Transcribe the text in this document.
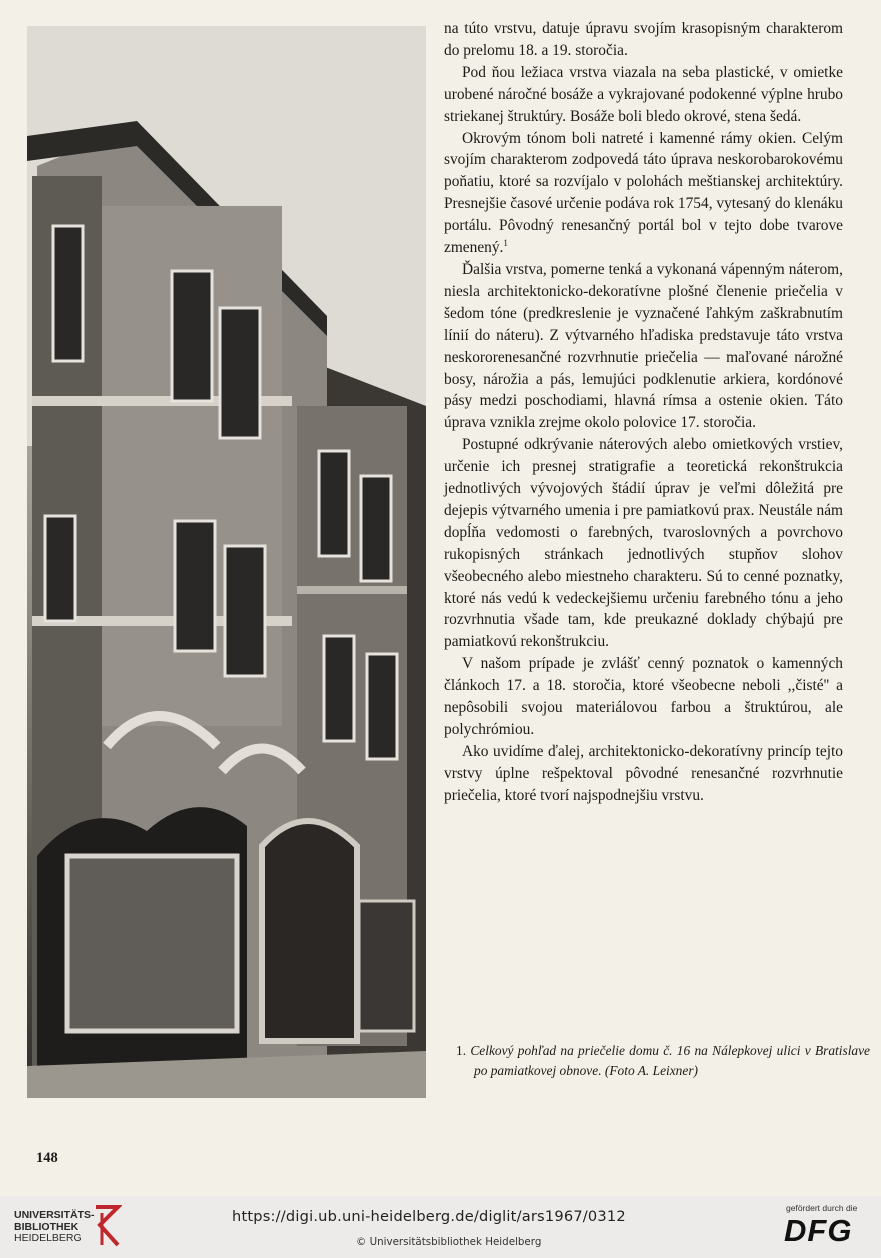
na túto vrstvu, datuje úpravu svojím krasopisným charakterom do prelomu 18. a 19. storočia.

Pod ňou ležiaca vrstva viazala na seba plastické, v omietke urobené náročné bosáže a vykrajované podokenné výplne hrubo striekanej štruktúry. Bosáže boli bledo okrové, stena šedá.

Okrovým tónom boli natreté i kamenné rámy okien. Celým svojím charakterom zodpovedá táto úprava neskorobarokovému poňatiu, ktoré sa rozvíjalo v polohách meštianskej architektúry. Presnejšie časové určenie podáva rok 1754, vytesaný do klenáku portálu. Pôvodný renesančný portál bol v tejto dobe tvarove zmenený.$^1$

Ďalšia vrstva, pomerne tenká a vykonaná vápenným náterom, niesla architektonicko-dekoratívne plošné členenie priečelia v šedom tóne (predkreslenie je vyznačené ľahkým zaškrabnutím línií do náteru). Z výtvarného hľadiska predstavuje táto vrstva neskororenesančné rozvrhnutie priečelia — maľované nárožné bosy, nárožia a pás, lemujúci podklenutie arkiera, kordónové pásy medzi poschodiami, hlavná rímsa a ostenie okien. Táto úprava vznikla zrejme okolo polovice 17. storočia.

Postupné odkrývanie náterových alebo omietkových vrstiev, určenie ich presnej stratigrafie a teoretická rekonštrukcia jednotlivých vývojových štádií úprav je veľmi dôležitá pre dejepis výtvarného umenia i pre pamiatkovú prax. Neustále nám dopĺňa vedomosti o farebných, tvaroslovných a povrchovo rukopisných stránkach jednotlivých stupňov slohov všeobecného alebo miestneho charakteru. Sú to cenné poznatky, ktoré nás vedú k vedeckejšiemu určeniu farebného tónu a jeho rozvrhnutia všade tam, kde preukazné doklady chýbajú pre pamiatkovú rekonštrukciu.

V našom prípade je zvlášť cenný poznatok o kamenných článkoch 17. a 18. storočia, ktoré všeobecne neboli ,,čisté'' a nepôsobili svojou materiálovou farbou a štruktúrou, ale polychrómiou.

Ako uvidíme ďalej, architektonicko-dekoratívny princíp tejto vrstvy úplne rešpektoval pôvodné renesančné rozvrhnutie priečelia, ktoré tvorí najspodnejšiu vrstvu.

1. Celkový pohľad na priečelie domu č. 16 na Nálepkovej ulici v Bratislave po pamiatkovej obnove. (Foto A. Leixner)
148
UNIVERSITÄTS-
BIBLIOTHEK
HEIDELBERG
https://digi.ub.uni-heidelberg.de/diglit/ars1967/0312
© Universitätsbibliothek Heidelberg
gefördert durch die
DFG
